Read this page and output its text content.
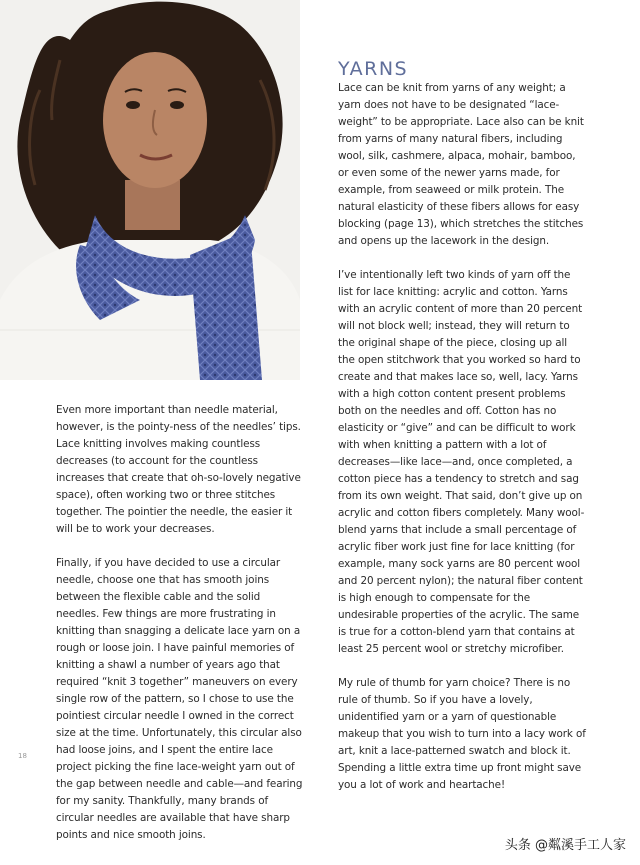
YARNS

Lace can be knit from yarns of any weight; a yarn does not have to be designated “lace-weight” to be appropriate. Lace also can be knit from yarns of many natural fibers, including wool, silk, cashmere, alpaca, mohair, bamboo, or even some of the newer yarns made, for example, from seaweed or milk protein. The natural elasticity of these fibers allows for easy blocking (page 13), which stretches the stitches and opens up the lacework in the design.

I’ve intentionally left two kinds of yarn off the list for lace knitting: acrylic and cotton. Yarns with an acrylic content of more than 20 percent will not block well; instead, they will return to the original shape of the piece, closing up all the open stitchwork that you worked so hard to create and that makes lace so, well, lacy. Yarns with a high cotton content present problems both on the needles and off. Cotton has no elasticity or “give” and can be difficult to work with when knitting a pattern with a lot of decreases—like lace—and, once completed, a cotton piece has a tendency to stretch and sag from its own weight. That said, don’t give up on acrylic and cotton fibers completely. Many wool-blend yarns that include a small percentage of acrylic fiber work just fine for lace knitting (for example, many sock yarns are 80 percent wool and 20 percent nylon); the natural fiber content is high enough to compensate for the undesirable properties of the acrylic. The same is true for a cotton-blend yarn that contains at least 25 percent wool or stretchy microfiber.

My rule of thumb for yarn choice? There is no rule of thumb. So if you have a lovely, unidentified yarn or a yarn of questionable makeup that you wish to turn into a lacy work of art, knit a lace-patterned swatch and block it. Spending a little extra time up front might save you a lot of work and heartache!

Even more important than needle material, however, is the pointy-ness of the needles’ tips. Lace knitting involves making countless decreases (to account for the countless increases that create that oh-so-lovely negative space), often working two or three stitches together. The pointier the needle, the easier it will be to work your decreases.

Finally, if you have decided to use a circular needle, choose one that has smooth joins between the flexible cable and the solid needles. Few things are more frustrating in knitting than snagging a delicate lace yarn on a rough or loose join. I have painful memories of knitting a shawl a number of years ago that required “knit 3 together” maneuvers on every single row of the pattern, so I chose to use the pointiest circular needle I owned in the correct size at the time. Unfortunately, this circular also had loose joins, and I spent the entire lace project picking the fine lace-weight yarn out of the gap between needle and cable—and fearing for my sanity. Thankfully, many brands of circular needles are available that have sharp points and nice smooth joins.

18
头条 @粼溪手工人家
